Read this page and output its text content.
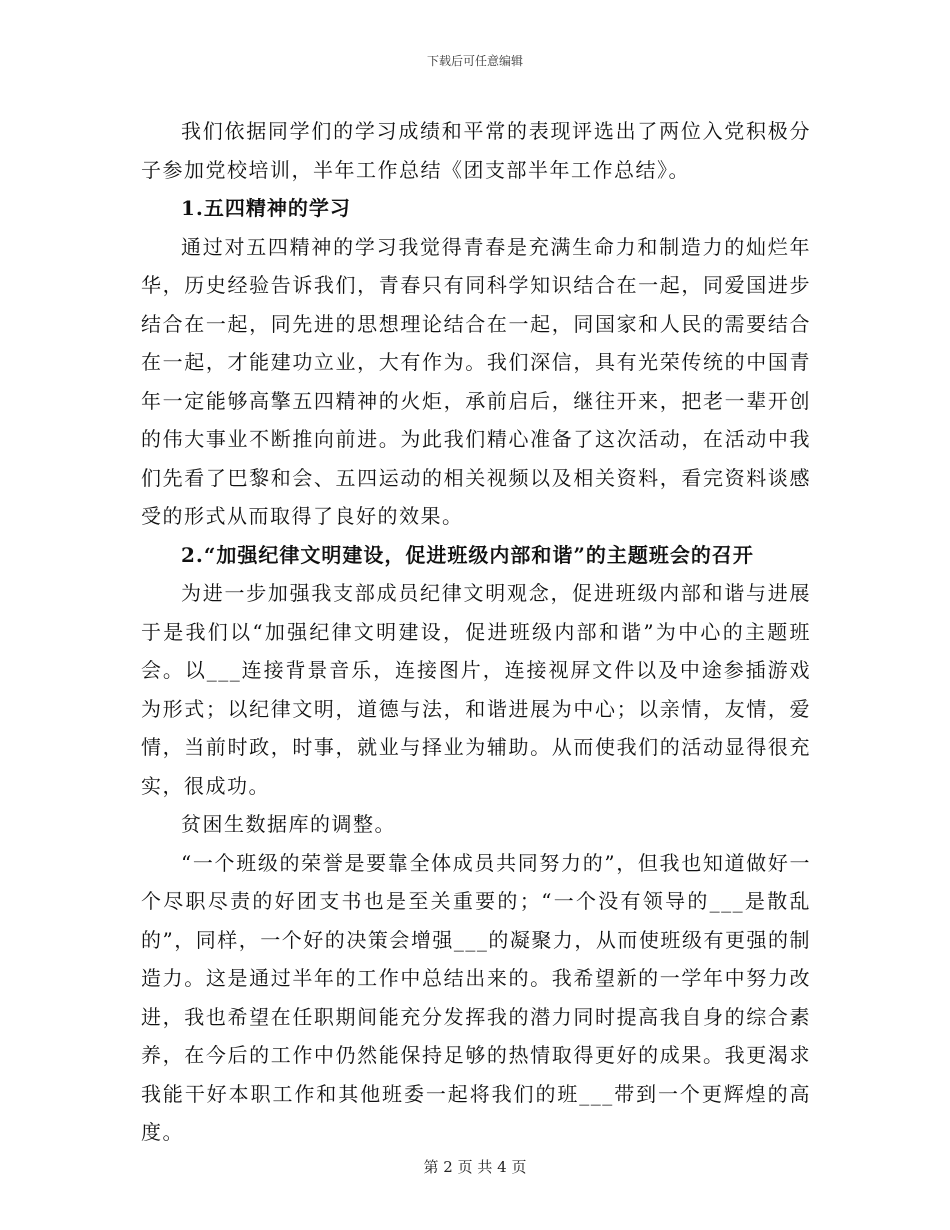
下载后可任意编辑

我们依据同学们的学习成绩和平常的表现评选出了两位入党积极分子参加党校培训，半年工作总结《团支部半年工作总结》。

1.五四精神的学习

通过对五四精神的学习我觉得青春是充满生命力和制造力的灿烂年华，历史经验告诉我们，青春只有同科学知识结合在一起，同爱国进步结合在一起，同先进的思想理论结合在一起，同国家和人民的需要结合在一起，才能建功立业，大有作为。我们深信，具有光荣传统的中国青年一定能够高擎五四精神的火炬，承前启后，继往开来，把老一辈开创的伟大事业不断推向前进。为此我们精心准备了这次活动，在活动中我们先看了巴黎和会、五四运动的相关视频以及相关资料，看完资料谈感受的形式从而取得了良好的效果。

2.“加强纪律文明建设，促进班级内部和谐”的主题班会的召开

为进一步加强我支部成员纪律文明观念，促进班级内部和谐与进展于是我们以“加强纪律文明建设，促进班级内部和谐”为中心的主题班会。以___连接背景音乐，连接图片，连接视屏文件以及中途参插游戏为形式；以纪律文明，道德与法，和谐进展为中心；以亲情，友情，爱情，当前时政，时事，就业与择业为辅助。从而使我们的活动显得很充实，很成功。

贫困生数据库的调整。

“一个班级的荣誉是要靠全体成员共同努力的”，但我也知道做好一个尽职尽责的好团支书也是至关重要的；“一个没有领导的___是散乱的”，同样，一个好的决策会增强___的凝聚力，从而使班级有更强的制造力。这是通过半年的工作中总结出来的。我希望新的一学年中努力改进，我也希望在任职期间能充分发挥我的潜力同时提高我自身的综合素养，在今后的工作中仍然能保持足够的热情取得更好的成果。我更渴求我能干好本职工作和其他班委一起将我们的班___带到一个更辉煌的高度。

第 2 页 共 4 页
